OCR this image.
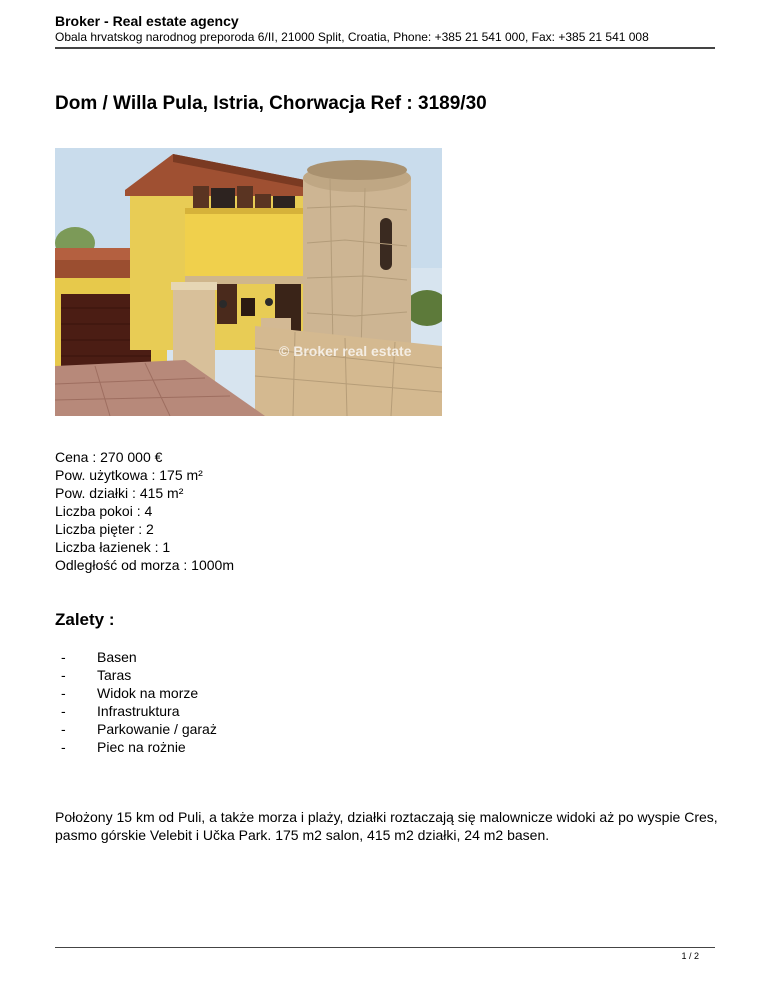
Broker - Real estate agency
Obala hrvatskog narodnog preporoda 6/II, 21000 Split, Croatia, Phone: +385 21 541 000, Fax: +385 21 541 008
Dom / Willa Pula, Istria, Chorwacja Ref : 3189/30
© Broker real estate
Cena : 270 000 €
Pow. użytkowa : 175 m²
Pow. działki : 415 m²
Liczba pokoi : 4
Liczba pięter : 2
Liczba łazienek : 1
Odległość od morza : 1000m
Zalety :
- Basen
- Taras
- Widok na morze
- Infrastruktura
- Parkowanie / garaż
- Piec na rożnie
Położony 15 km od Puli, a także morza i plaży, działki roztaczają się malownicze widoki aż po wyspie Cres, pasmo górskie Velebit i Učka Park. 175 m2 salon, 415 m2 działki, 24 m2 basen.
1 / 2
